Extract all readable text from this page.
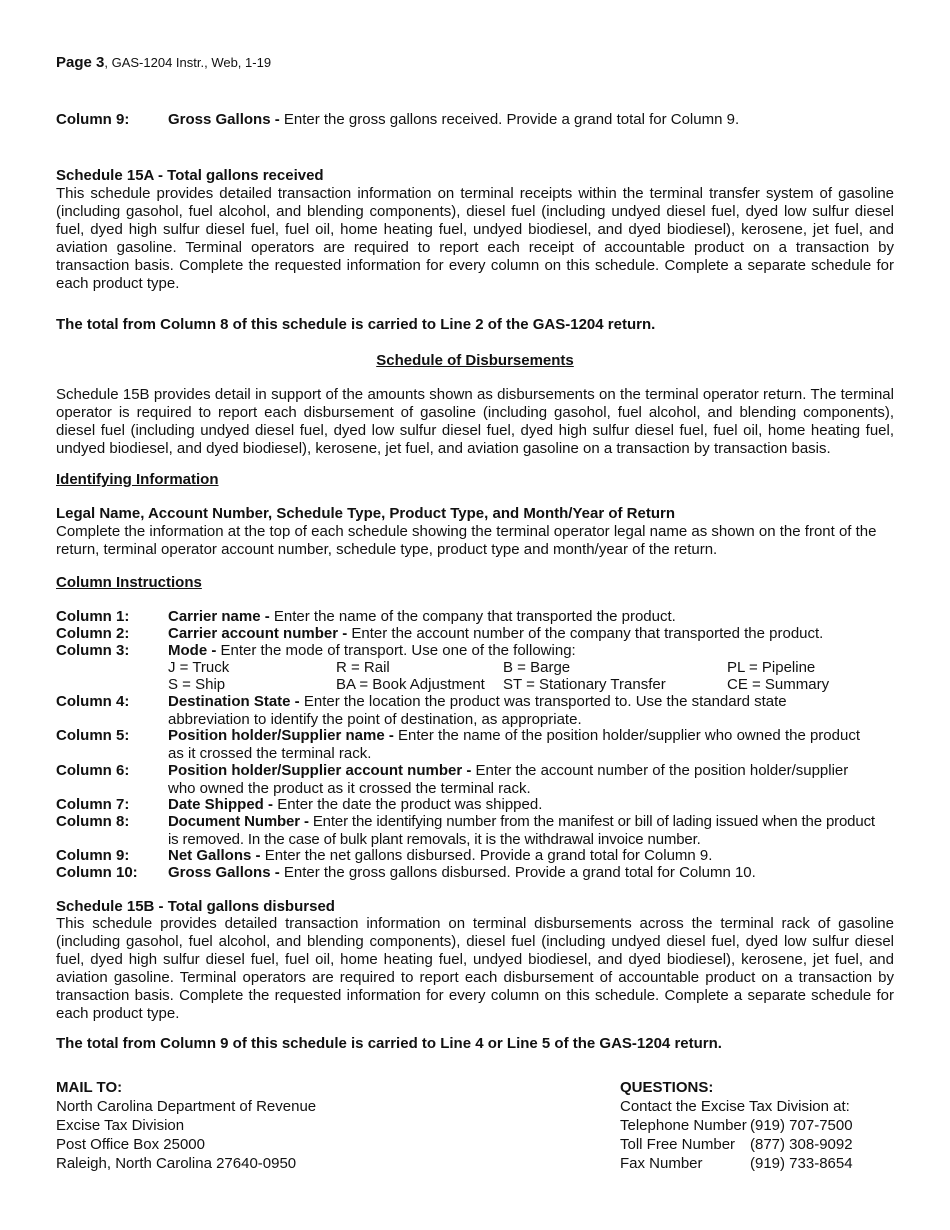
Page 3, GAS-1204 Instr., Web, 1-19
Column 9:	Gross Gallons - Enter the gross gallons received. Provide a grand total for Column 9.
Schedule 15A - Total gallons received
This schedule provides detailed transaction information on terminal receipts within the terminal transfer system of gasoline (including gasohol, fuel alcohol, and blending components), diesel fuel (including undyed diesel fuel, dyed low sulfur diesel fuel, dyed high sulfur diesel fuel, fuel oil, home heating fuel, undyed biodiesel, and dyed biodiesel), kerosene, jet fuel, and aviation gasoline. Terminal operators are required to report each receipt of accountable product on a transaction by transaction basis. Complete the requested information for every column on this schedule. Complete a separate schedule for each product type.
The total from Column 8 of this schedule is carried to Line 2 of the GAS-1204 return.
Schedule of Disbursements
Schedule 15B provides detail in support of the amounts shown as disbursements on the terminal operator return. The terminal operator is required to report each disbursement of gasoline (including gasohol, fuel alcohol, and blending components), diesel fuel (including undyed diesel fuel, dyed low sulfur diesel fuel, dyed high sulfur diesel fuel, fuel oil, home heating fuel, undyed biodiesel, and dyed biodiesel), kerosene, jet fuel, and aviation gasoline on a transaction by transaction basis.
Identifying Information
Legal Name, Account Number, Schedule Type, Product Type, and Month/Year of Return
Complete the information at the top of each schedule showing the terminal operator legal name as shown on the front of the return, terminal operator account number, schedule type, product type and month/year of the return.
Column Instructions
Column 1:	Carrier name - Enter the name of the company that transported the product.
Column 2:	Carrier account number - Enter the account number of the company that transported the product.
Column 3:	Mode - Enter the mode of transport. Use one of the following:
J = Truck	R = Rail	B = Barge	PL = Pipeline
S = Ship	BA = Book Adjustment ST = Stationary Transfer	CE = Summary
Column 4:	Destination State - Enter the location the product was transported to. Use the standard state
abbreviation to identify the point of destination, as appropriate.
Column 5:	Position holder/Supplier name - Enter the name of the position holder/supplier who owned the product
as it crossed the terminal rack.
Column 6:	Position holder/Supplier account number - Enter the account number of the position holder/supplier
who owned the product as it crossed the terminal rack.
Column 7:	Date Shipped - Enter the date the product was shipped.
Column 8:	Document Number - Enter the identifying number from the manifest or bill of lading issued when the product
is removed. In the case of bulk plant removals, it is the withdrawal invoice number.
Column 9:	Net Gallons - Enter the net gallons disbursed. Provide a grand total for Column 9.
Column 10:	Gross Gallons - Enter the gross gallons disbursed. Provide a grand total for Column 10.
Schedule 15B - Total gallons disbursed
This schedule provides detailed transaction information on terminal disbursements across the terminal rack of gasoline (including gasohol, fuel alcohol, and blending components), diesel fuel (including undyed diesel fuel, dyed low sulfur diesel fuel, dyed high sulfur diesel fuel, fuel oil, home heating fuel, undyed biodiesel, and dyed biodiesel), kerosene, jet fuel, and aviation gasoline. Terminal operators are required to report each disbursement of accountable product on a transaction by transaction basis. Complete the requested information for every column on this schedule. Complete a separate schedule for each product type.
The total from Column 9 of this schedule is carried to Line 4 or Line 5 of the GAS-1204 return.
MAIL TO:
North Carolina Department of Revenue
Excise Tax Division
Post Office Box 25000
Raleigh, North Carolina 27640-0950
QUESTIONS:
Contact the Excise Tax Division at:
Telephone Number (919) 707-7500
Toll Free Number (877) 308-9092
Fax Number	(919) 733-8654
